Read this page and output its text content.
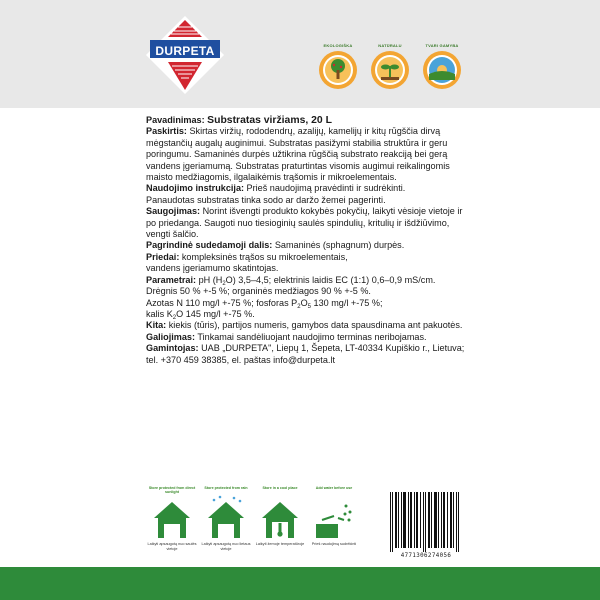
DURPETA	EKOLOGIŠKA	NATŪRALU	TVARI GAMYBA

Pavadinimas: Substratas viržiams, 20 L

Paskirtis: Skirtas viržių, rododendrų, azalijų, kamelijų ir kitų rūgščia dirvą mėgstančių augalų auginimui. Substratas pasižymi stabilia struktūra ir geru poringumu. Samaninės durpės užtikrina rūgščią substrato reakciją bei gerą vandens įgeriamumą. Substratas praturtintas visomis augimui reikalingomis maisto medžiagomis, ilgalaikėmis trąšomis ir mikroelementais.

Naudojimo instrukcija: Prieš naudojimą pravėdinti ir sudrėkinti.

Panaudotas substratas tinka sodo ar daržo žemei pagerinti.

Saugojimas: Norint išvengti produkto kokybės pokyčių, laikyti vėsioje vietoje ir po priedanga. Saugoti nuo tiesioginių saulės spindulių, kritulių ir išdžiūvimo, vengti šalčio.

Pagrindinė sudedamoji dalis: Samaninės (sphagnum) durpės.

Priedai: kompleksinės trąšos su mikroelementais,

vandens įgeriamumo skatintojas.

Parametrai: pH $(H_2O)$ 3,5–4,5; elektrinis laidis EC (1:1) 0,6–0,9 mS/cm.

Drėgnis 50 % +-5 %; organinės medžiagos 90 % +-5 %.

Azotas N 110 mg/l +-75 %; fosforas $P_2O_5$ 130 mg/l +-75 %;

kalis $K_2O$ 145 mg/l +-75 %.

Kita: kiekis (tūris), partijos numeris, gamybos data spausdinama ant pakuotės.

Galiojimas: Tinkamai sandėliuojant naudojimo terminas neribojamas.

Gamintojas: UAB „DURPETA", Liepų 1, Šepeta, LT-40334 Kupiškio r., Lietuva;

tel. +370 459 38385, el. paštas info@durpeta.lt

Store protected from direct sunlight
Laikyti apsaugotą nuo saulės vietoje
Store protected from rain
Laikyti apsaugotą nuo lietaus vietoje
Store in a cool place
Laikyti žemoje temperatūroje
Add water before use
Prieš naudojimą sudrėkinti
4771306274056
